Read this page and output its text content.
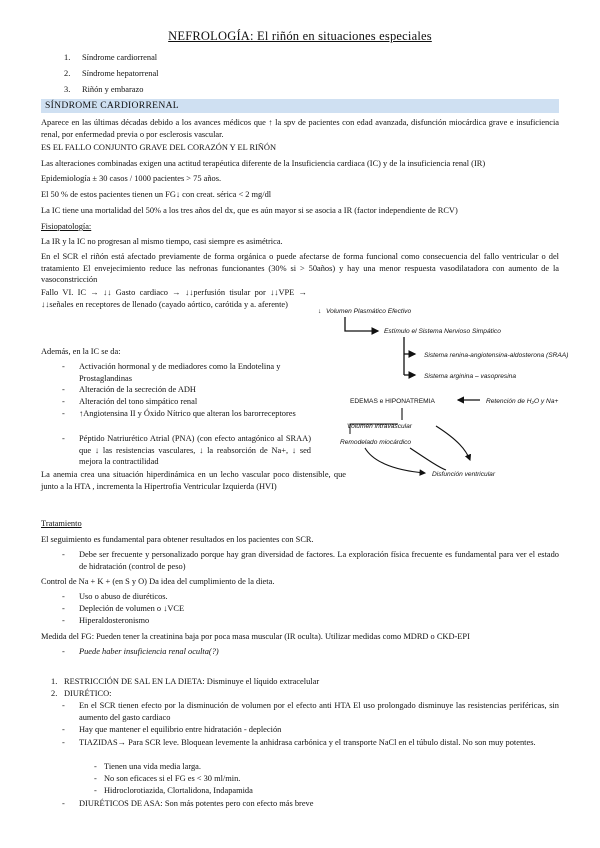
NEFROLOGÍA: El riñón en situaciones especiales
1. Síndrome cardiorrenal
2. Síndrome hepatorrenal
3. Riñón y embarazo
SÍNDROME CARDIORRENAL
Aparece en las últimas décadas debido a los avances médicos que ↑ la spv de pacientes con edad avanzada, disfunción miocárdica grave e insuficiencia renal, por enfermedad previa o por esclerosis vascular.
ES EL FALLO CONJUNTO GRAVE DEL CORAZÓN Y EL RIÑÓN
Las alteraciones combinadas exigen una actitud terapéutica diferente de la Insuficiencia cardiaca (IC) y de la insuficiencia renal (IR)
Epidemiología ± 30 casos / 1000 pacientes > 75 años.
El 50 % de estos pacientes tienen un FG↓ con creat. sérica < 2 mg/dl
La IC tiene una mortalidad del 50% a los tres años del dx, que es aún mayor si se asocia a IR (factor independiente de RCV)
Fisiopatología:
La IR y la IC no progresan al mismo tiempo, casi siempre es asimétrica.
En el SCR el riñón está afectado previamente de forma orgánica o puede afectarse de forma funcional como consecuencia del fallo ventricular o del tratamiento El envejecimiento reduce las nefronas funcionantes (30% si > 50años) y hay una menor respuesta vasodilatadora con aumento de la vasoconstricción
Fallo VI. IC → ↓↓ Gasto cardiaco → ↓↓perfusión tisular por ↓↓VPE → ↓↓señales en receptores de llenado (cayado aórtico, carótida y a. aferente)
Además, en la IC se da:
- Activación hormonal y de mediadores como la Endotelina y Prostaglandinas
- Alteración de la secreción de ADH
- Alteración del tono simpático renal
- ↑Angiotensina II y Óxido Nítrico que alteran los barorreceptores
- Péptido Natriurético Atrial (PNA) (con efecto antagónico al SRAA) que ↓ las resistencias vasculares, ↓ la reabsorción de Na+, ↓ sed mejora la contractilidad
La anemia crea una situación hiperdinámica en un lecho vascular poco distensible, que junto a la HTA , incrementa la Hipertrofia Ventricular Izquierda (HVI)
↓ Volumen Plasmático Efectivo
Estímulo el Sistema Nervioso Simpático
Sistema renina-angiotensina-aldosterona (SRAA)
Sistema arginina – vasopresina
EDEMAS e HIPONATREMIA	Retención de H₂O y Na+
Volumen intravascular
Remodelado miocárdico
Disfunción ventricular
Tratamiento
El seguimiento es fundamental para obtener resultados en los pacientes con SCR.
- Debe ser frecuente y personalizado porque hay gran diversidad de factores. La exploración física frecuente es fundamental para ver el estado de hidratación (control de peso)
Control de Na + K + (en S y O) Da idea del cumplimiento de la dieta.
- Uso o abuso de diuréticos.
- Depleción de volumen o ↓VCE
- Hiperaldosteronismo
Medida del FG: Pueden tener la creatinina baja por poca masa muscular (IR oculta). Utilizar medidas como MDRD o CKD-EPI
- Puede haber insuficiencia renal oculta(?)
1. RESTRICCIÓN DE SAL EN LA DIETA: Disminuye el líquido extracelular
2. DIURÉTICO:
- En el SCR tienen efecto por la disminución de volumen por el efecto anti HTA El uso prolongado disminuye las resistencias periféricas, sin aumento del gasto cardiaco
- Hay que mantener el equilibrio entre hidratación - depleción
- TIAZIDAS→ Para SCR leve. Bloquean levemente la anhidrasa carbónica y el transporte NaCl en el túbulo distal. No son muy potentes.
- Tienen una vida media larga.
- No son eficaces si el FG es < 30 ml/min.
- Hidroclorotiazida, Clortalidona, Indapamida
- DIURÉTICOS DE ASA: Son más potentes pero con efecto más breve
